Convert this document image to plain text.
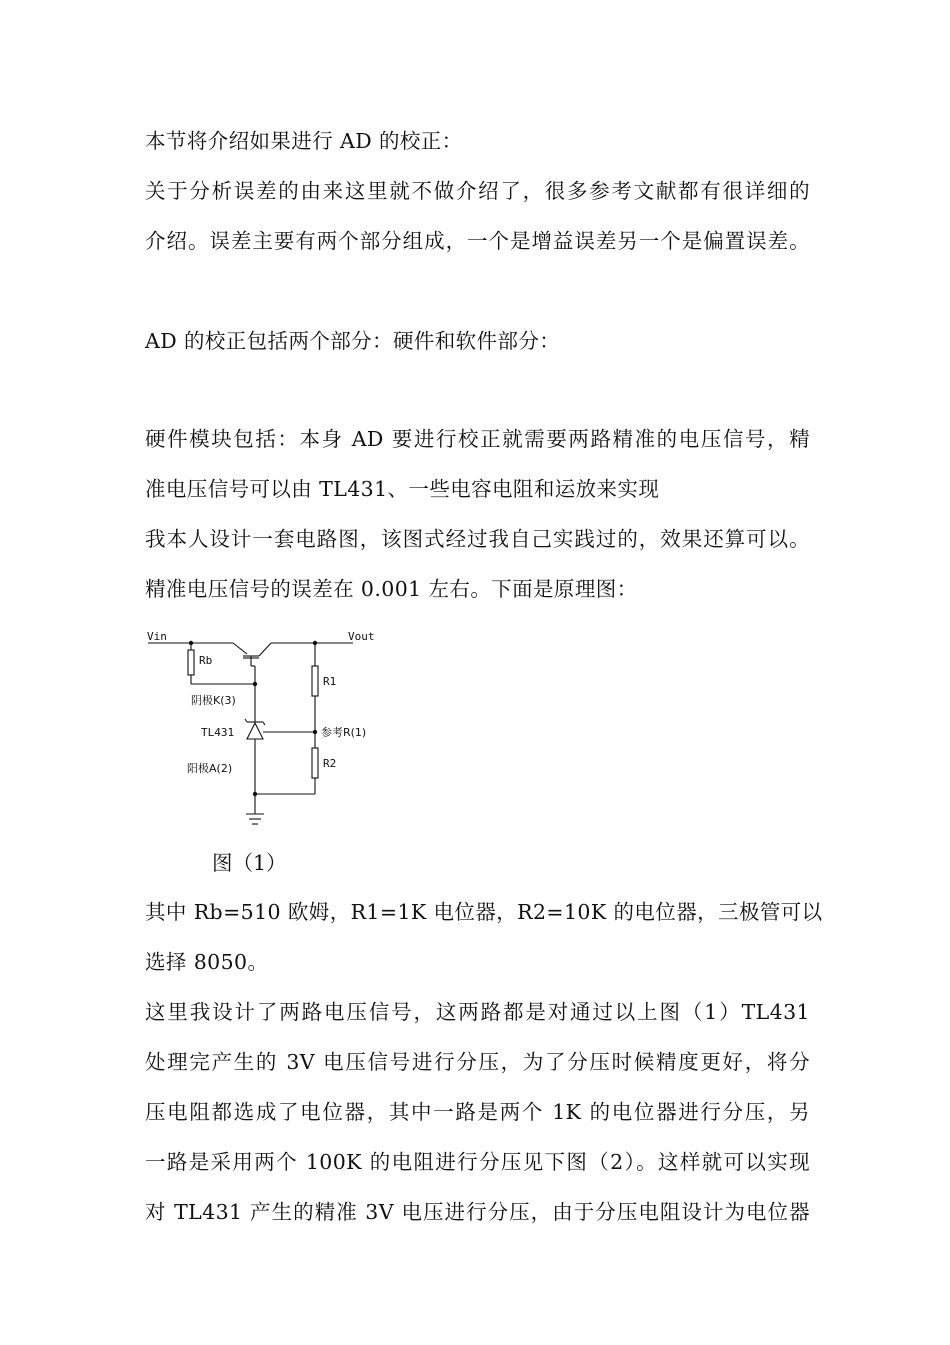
本节将介绍如果进行 AD 的校正：
关于分析误差的由来这里就不做介绍了，很多参考文献都有很详细的
介绍。误差主要有两个部分组成，一个是增益误差另一个是偏置误差。
AD 的校正包括两个部分：硬件和软件部分：
硬件模块包括：本身 AD 要进行校正就需要两路精准的电压信号，精
准电压信号可以由 TL431、一些电容电阻和运放来实现
我本人设计一套电路图，该图式经过我自己实践过的，效果还算可以。
精准电压信号的误差在 0.001 左右。下面是原理图：
Vin	Vout
Rb
R1
R2
阴极K(3)
TL431	参考R(1)
阳极A(2)
图（1）
其中 Rb=510 欧姆，R1=1K 电位器，R2=10K 的电位器，三极管可以
选择 8050。
这里我设计了两路电压信号，这两路都是对通过以上图（1）TL431
处理完产生的 3V 电压信号进行分压，为了分压时候精度更好，将分
压电阻都选成了电位器，其中一路是两个 1K 的电位器进行分压，另
一路是采用两个 100K 的电阻进行分压见下图（2）。这样就可以实现
对 TL431 产生的精准 3V 电压进行分压，由于分压电阻设计为电位器
